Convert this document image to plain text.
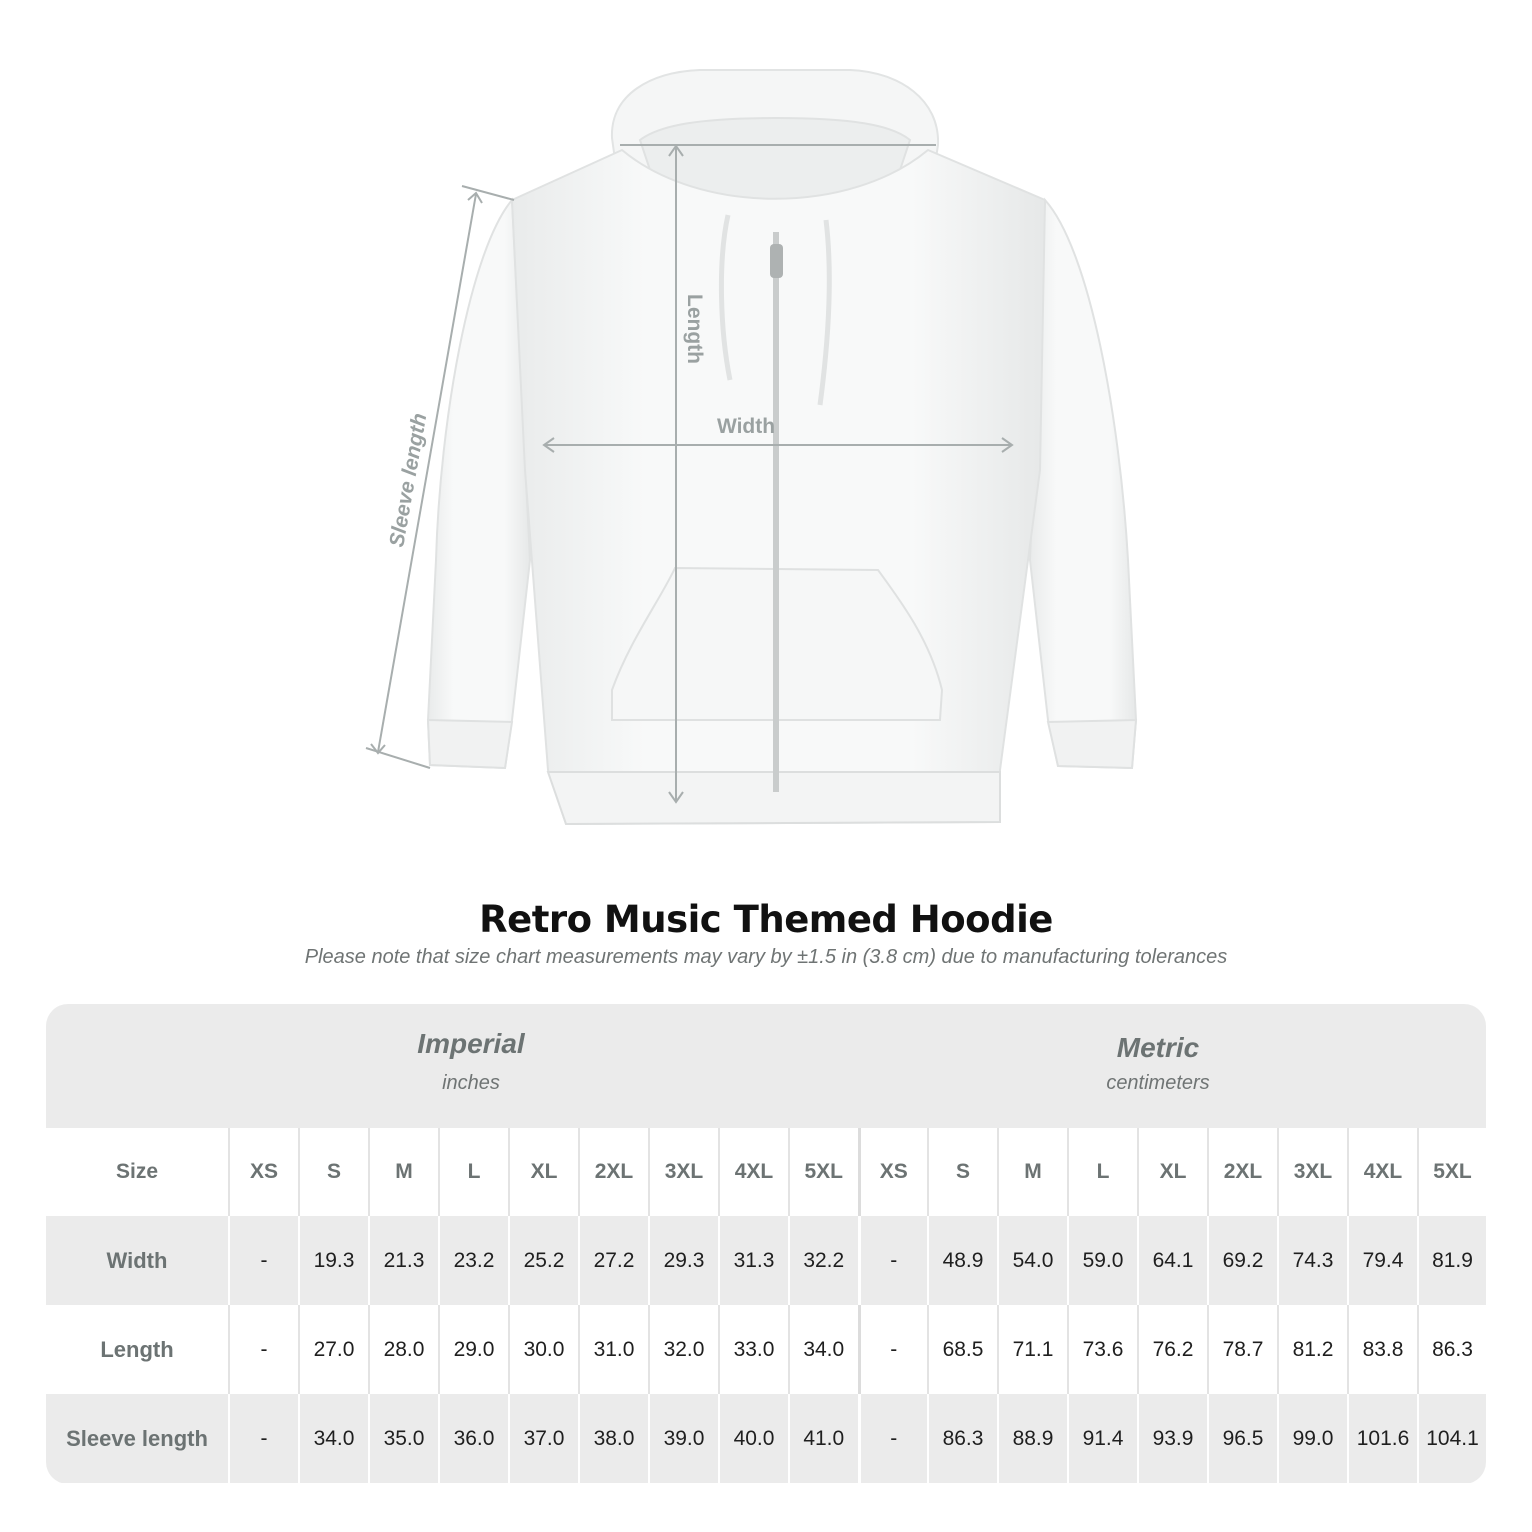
Length
Width
Sleeve length
Retro Music Themed Hoodie
Please note that size chart measurements may vary by ±1.5 in (3.8 cm) due to manufacturing tolerances
Imperial
inches
Metric
centimeters
Size	XS	S	M	L	XL	2XL	3XL	4XL	5XL	XS	S	M	L	XL	2XL	3XL	4XL	5XL
Width	-	19.3	21.3	23.2	25.2	27.2	29.3	31.3	32.2	-	48.9	54.0	59.0	64.1	69.2	74.3	79.4	81.9
Length	-	27.0	28.0	29.0	30.0	31.0	32.0	33.0	34.0	-	68.5	71.1	73.6	76.2	78.7	81.2	83.8	86.3
Sleeve length	-	34.0	35.0	36.0	37.0	38.0	39.0	40.0	41.0	-	86.3	88.9	91.4	93.9	96.5	99.0	101.6	104.1
